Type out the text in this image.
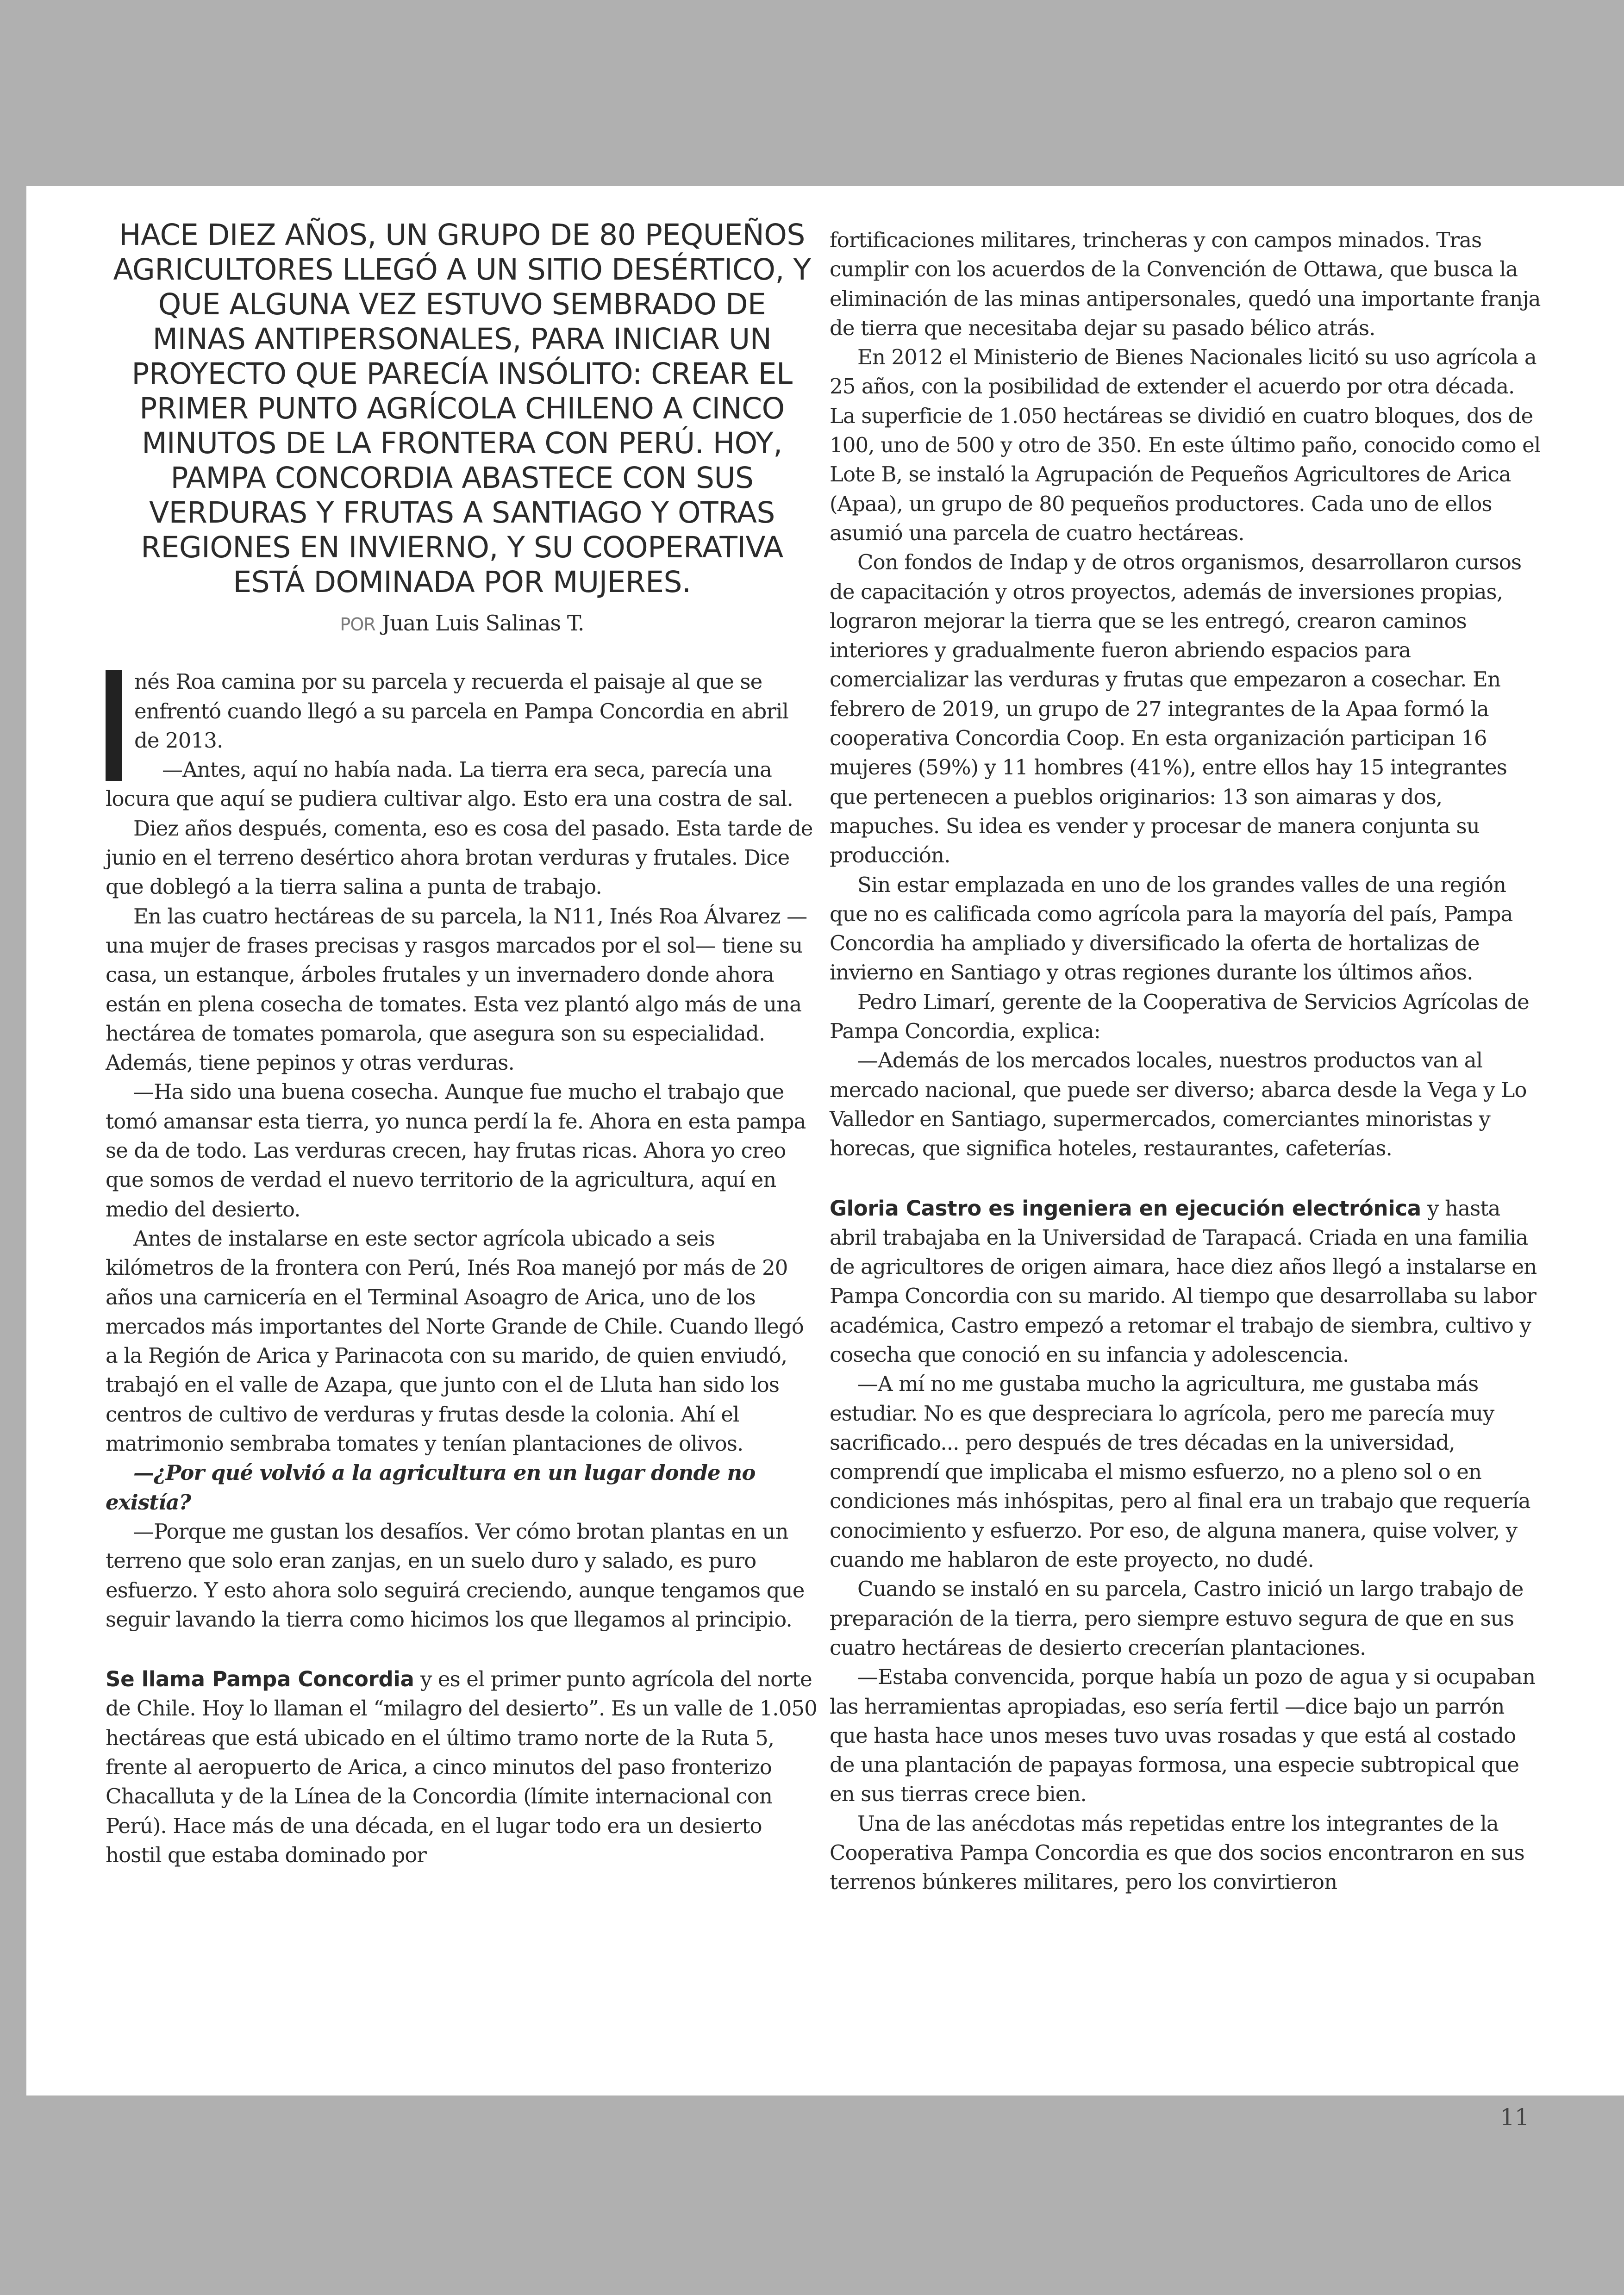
HACE DIEZ AÑOS, UN GRUPO DE 80 PEQUEÑOS AGRICULTORES LLEGÓ A UN SITIO DESÉRTICO, Y QUE ALGUNA VEZ ESTUVO SEMBRADO DE MINAS ANTIPERSONALES, PARA INICIAR UN PROYECTO QUE PARECÍA INSÓLITO: CREAR EL PRIMER PUNTO AGRÍCOLA CHILENO A CINCO MINUTOS DE LA FRONTERA CON PERÚ. HOY, PAMPA CONCORDIA ABASTECE CON SUS VERDURAS Y FRUTAS A SANTIAGO Y OTRAS REGIONES EN INVIERNO, Y SU COOPERATIVA ESTÁ DOMINADA POR MUJERES.
POR Juan Luis Salinas T.

nés Roa camina por su parcela y recuerda el paisaje al que se enfrentó cuando llegó a su parcela en Pampa Concordia en abril de 2013.

—Antes, aquí no había nada. La tierra era seca, parecía una locura que aquí se pudiera cultivar algo. Esto era una costra de sal.

Diez años después, comenta, eso es cosa del pasado. Esta tarde de junio en el terreno desértico ahora brotan verduras y frutales. Dice que doblegó a la tierra salina a punta de trabajo.

En las cuatro hectáreas de su parcela, la N11, Inés Roa Álvarez —una mujer de frases precisas y rasgos marcados por el sol— tiene su casa, un estanque, árboles frutales y un invernadero donde ahora están en plena cosecha de tomates. Esta vez plantó algo más de una hectárea de tomates pomarola, que asegura son su especialidad. Además, tiene pepinos y otras verduras.

—Ha sido una buena cosecha. Aunque fue mucho el trabajo que tomó amansar esta tierra, yo nunca perdí la fe. Ahora en esta pampa se da de todo. Las verduras crecen, hay frutas ricas. Ahora yo creo que somos de verdad el nuevo territorio de la agricultura, aquí en medio del desierto.

Antes de instalarse en este sector agrícola ubicado a seis kilómetros de la frontera con Perú, Inés Roa manejó por más de 20 años una carnicería en el Terminal Asoagro de Arica, uno de los mercados más importantes del Norte Grande de Chile. Cuando llegó a la Región de Arica y Parinacota con su marido, de quien enviudó, trabajó en el valle de Azapa, que junto con el de Lluta han sido los centros de cultivo de verduras y frutas desde la colonia. Ahí el matrimonio sembraba tomates y tenían plantaciones de olivos.

—¿Por qué volvió a la agricultura en un lugar donde no existía?

—Porque me gustan los desafíos. Ver cómo brotan plantas en un terreno que solo eran zanjas, en un suelo duro y salado, es puro esfuerzo. Y esto ahora solo seguirá creciendo, aunque tengamos que seguir lavando la tierra como hicimos los que llegamos al principio.

Se llama Pampa Concordia y es el primer punto agrícola del norte de Chile. Hoy lo llaman el “milagro del desierto”. Es un valle de 1.050 hectáreas que está ubicado en el último tramo norte de la Ruta 5, frente al aeropuerto de Arica, a cinco minutos del paso fronterizo Chacalluta y de la Línea de la Concordia (límite internacional con Perú). Hace más de una década, en el lugar todo era un desierto hostil que estaba dominado por

fortificaciones militares, trincheras y con campos minados. Tras cumplir con los acuerdos de la Convención de Ottawa, que busca la eliminación de las minas antipersonales, quedó una importante franja de tierra que necesitaba dejar su pasado bélico atrás.

En 2012 el Ministerio de Bienes Nacionales licitó su uso agrícola a 25 años, con la posibilidad de extender el acuerdo por otra década. La superficie de 1.050 hectáreas se dividió en cuatro bloques, dos de 100, uno de 500 y otro de 350. En este último paño, conocido como el Lote B, se instaló la Agrupación de Pequeños Agricultores de Arica (Apaa), un grupo de 80 pequeños productores. Cada uno de ellos asumió una parcela de cuatro hectáreas.

Con fondos de Indap y de otros organismos, desarrollaron cursos de capacitación y otros proyectos, además de inversiones propias, lograron mejorar la tierra que se les entregó, crearon caminos interiores y gradualmente fueron abriendo espacios para comercializar las verduras y frutas que empezaron a cosechar. En febrero de 2019, un grupo de 27 integrantes de la Apaa formó la cooperativa Concordia Coop. En esta organización participan 16 mujeres (59%) y 11 hombres (41%), entre ellos hay 15 integrantes que pertenecen a pueblos originarios: 13 son aimaras y dos, mapuches. Su idea es vender y procesar de manera conjunta su producción.

Sin estar emplazada en uno de los grandes valles de una región que no es calificada como agrícola para la mayoría del país, Pampa Concordia ha ampliado y diversificado la oferta de hortalizas de invierno en Santiago y otras regiones durante los últimos años.

Pedro Limarí, gerente de la Cooperativa de Servicios Agrícolas de Pampa Concordia, explica:

—Además de los mercados locales, nuestros productos van al mercado nacional, que puede ser diverso; abarca desde la Vega y Lo Valledor en Santiago, supermercados, comerciantes minoristas y horecas, que significa hoteles, restaurantes, cafeterías.

Gloria Castro es ingeniera en ejecución electrónica y hasta abril trabajaba en la Universidad de Tarapacá. Criada en una familia de agricultores de origen aimara, hace diez años llegó a instalarse en Pampa Concordia con su marido. Al tiempo que desarrollaba su labor académica, Castro empezó a retomar el trabajo de siembra, cultivo y cosecha que conoció en su infancia y adolescencia.

—A mí no me gustaba mucho la agricultura, me gustaba más estudiar. No es que despreciara lo agrícola, pero me parecía muy sacrificado... pero después de tres décadas en la universidad, comprendí que implicaba el mismo esfuerzo, no a pleno sol o en condiciones más inhóspitas, pero al final era un trabajo que requería conocimiento y esfuerzo. Por eso, de alguna manera, quise volver, y cuando me hablaron de este proyecto, no dudé.

Cuando se instaló en su parcela, Castro inició un largo trabajo de preparación de la tierra, pero siempre estuvo segura de que en sus cuatro hectáreas de desierto crecerían plantaciones.

—Estaba convencida, porque había un pozo de agua y si ocupaban las herramientas apropiadas, eso sería fertil —dice bajo un parrón que hasta hace unos meses tuvo uvas rosadas y que está al costado de una plantación de papayas formosa, una especie subtropical que en sus tierras crece bien.

Una de las anécdotas más repetidas entre los integrantes de la Cooperativa Pampa Concordia es que dos socios encontraron en sus terrenos búnkeres militares, pero los convirtieron

11
